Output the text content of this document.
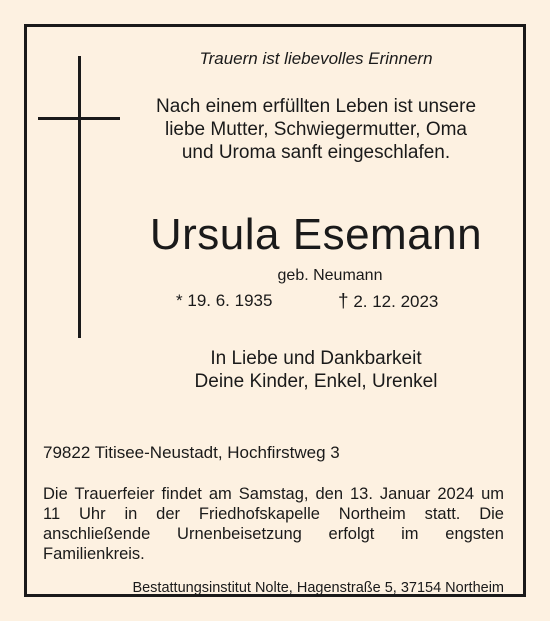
Trauern ist liebevolles Erinnern
Nach einem erfüllten Leben ist unsere
liebe Mutter, Schwiegermutter, Oma
und Uroma sanft eingeschlafen.
Ursula Esemann
geb. Neumann
* 19. 6. 1935	† 2. 12. 2023
In Liebe und Dankbarkeit
Deine Kinder, Enkel, Urenkel
79822 Titisee-Neustadt, Hochfirstweg 3
Die Trauerfeier findet am Samstag, den 13. Januar 2024 um 11 Uhr in der Friedhofskapelle Northeim statt. Die anschließende Urnenbeisetzung erfolgt im engsten Familienkreis.
Bestattungsinstitut Nolte, Hagenstraße 5, 37154 Northeim
